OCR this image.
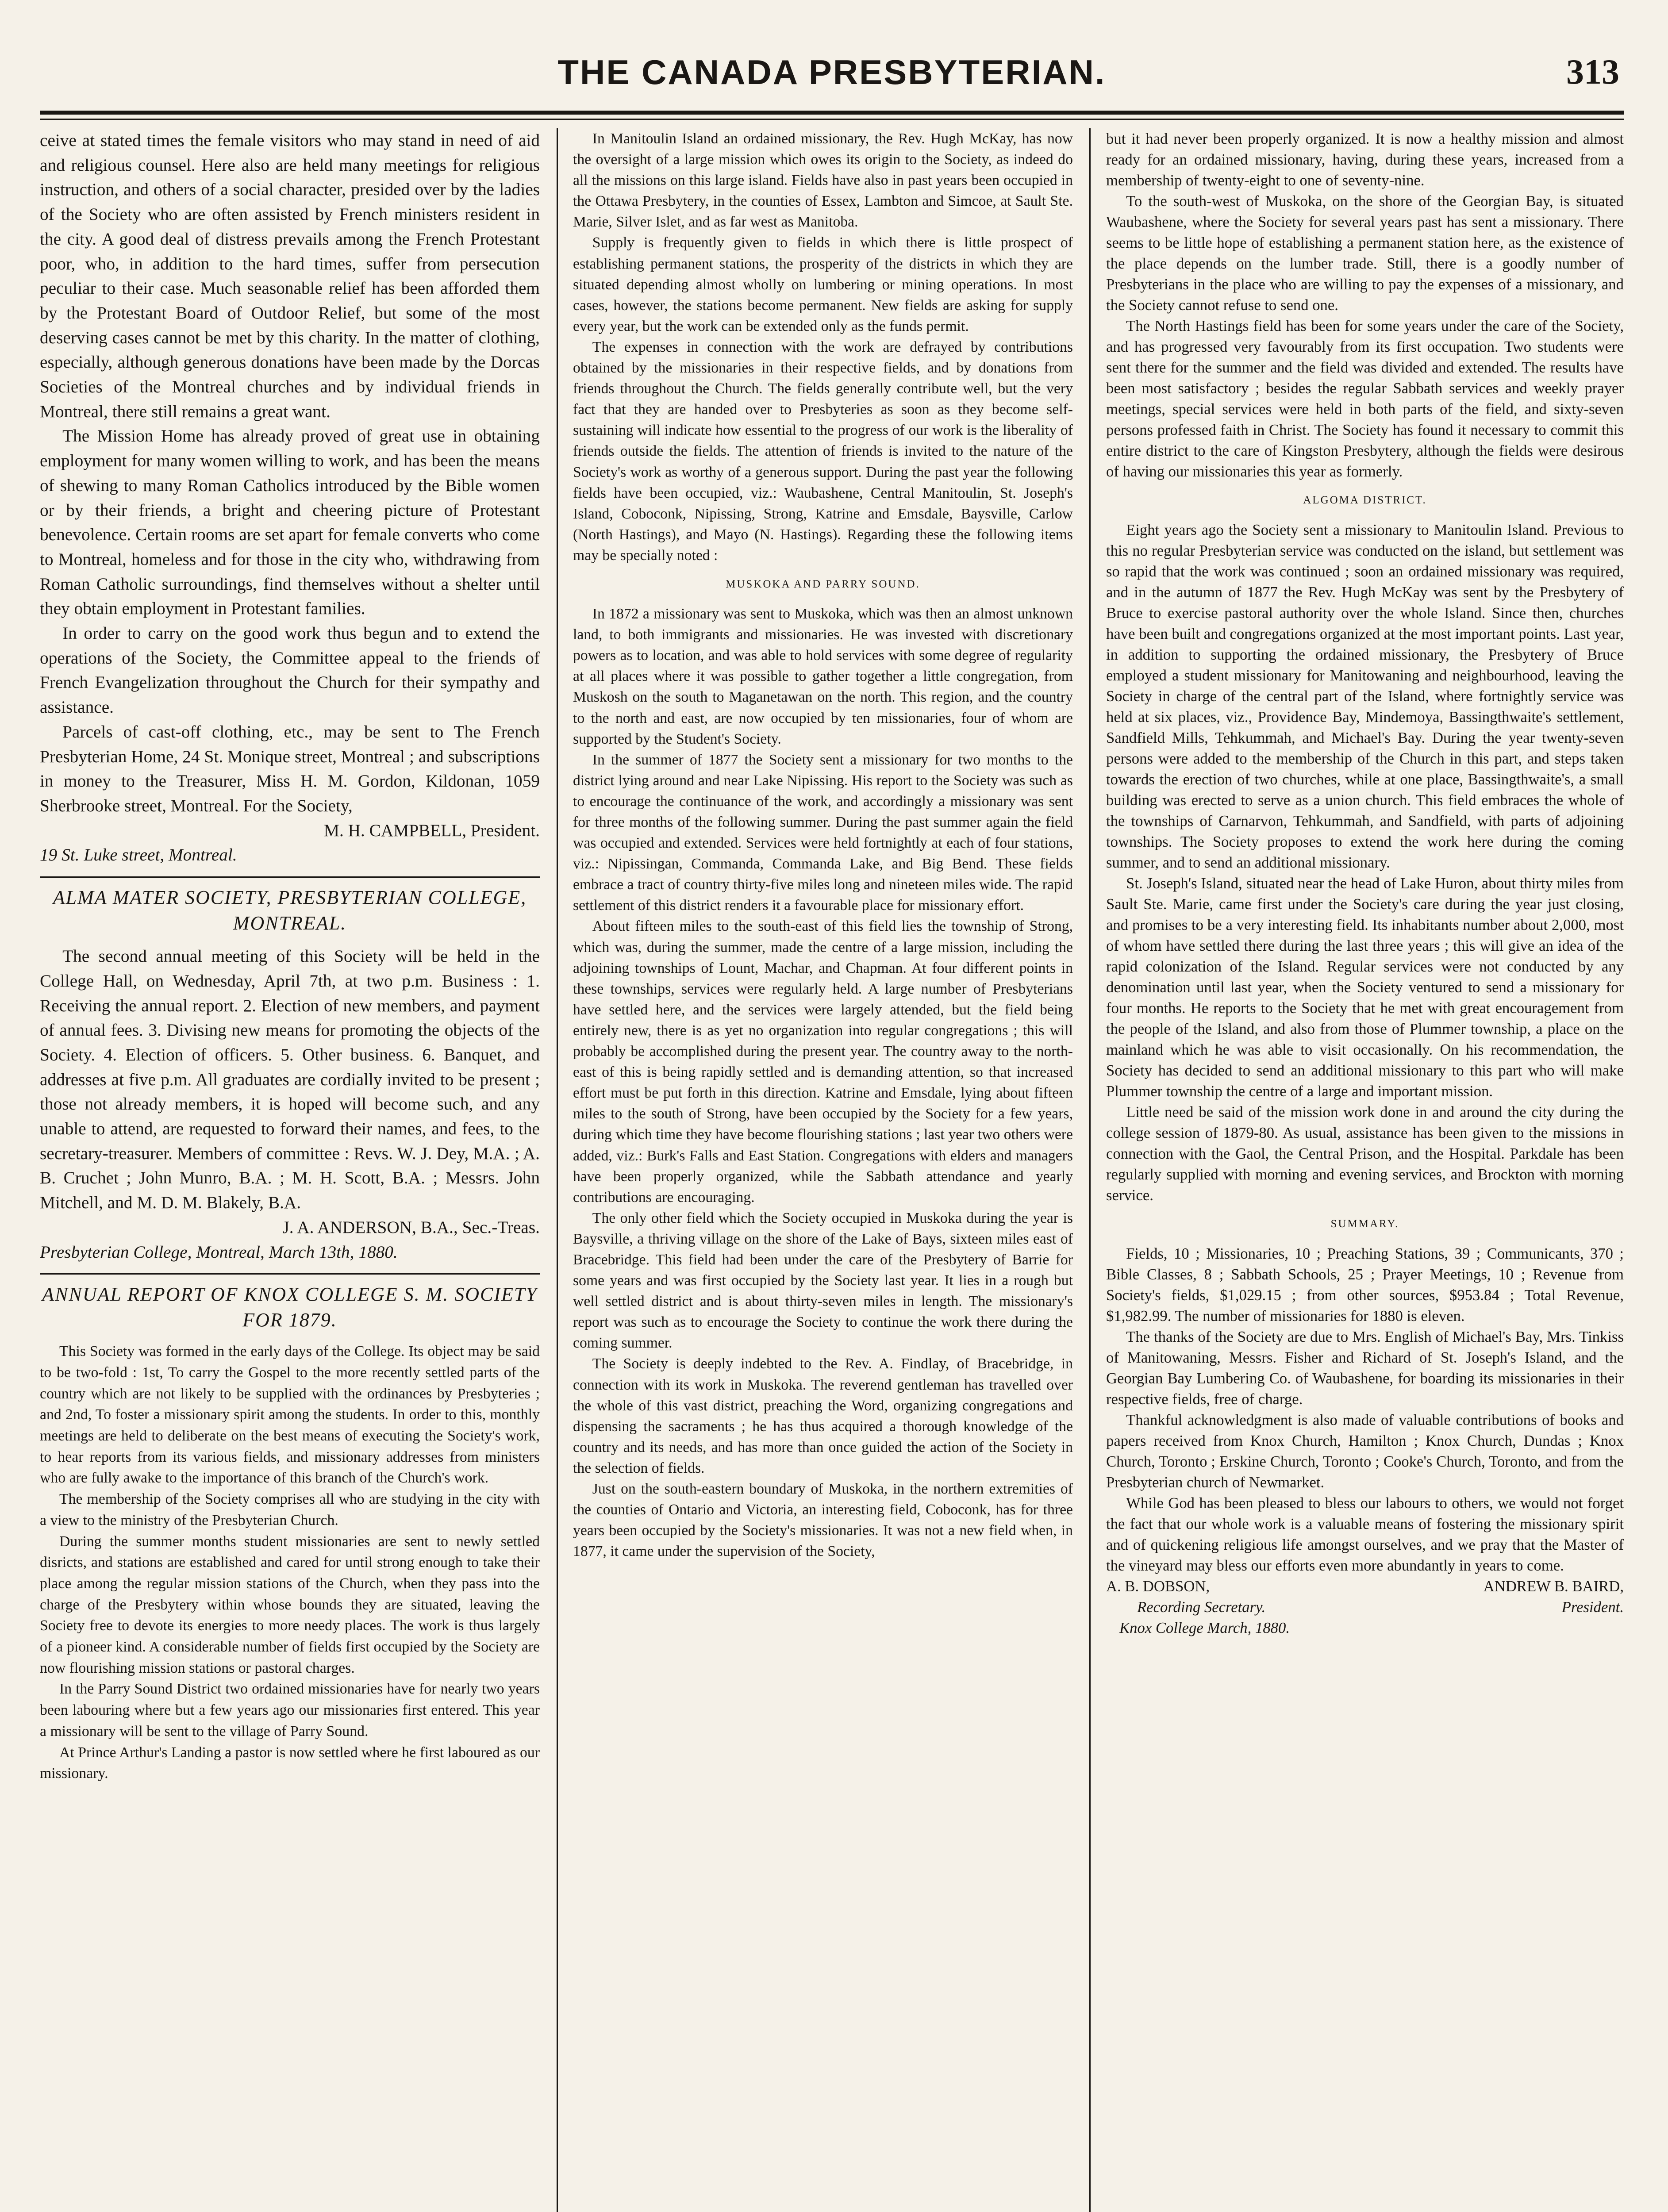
THE CANADA PRESBYTERIAN.	313

ceive at stated times the female visitors who may stand in need of aid and religious counsel. Here also are held many meetings for religious instruction, and others of a social character, presided over by the ladies of the Society who are often assisted by French ministers resident in the city. A good deal of distress prevails among the French Protestant poor, who, in addition to the hard times, suffer from persecution peculiar to their case. Much seasonable relief has been afforded them by the Protestant Board of Outdoor Relief, but some of the most deserving cases cannot be met by this charity. In the matter of clothing, especially, although generous donations have been made by the Dorcas Societies of the Montreal churches and by individual friends in Montreal, there still remains a great want.

The Mission Home has already proved of great use in obtaining employment for many women willing to work, and has been the means of shewing to many Roman Catholics introduced by the Bible women or by their friends, a bright and cheering picture of Protestant benevolence. Certain rooms are set apart for female converts who come to Montreal, homeless and for those in the city who, withdrawing from Roman Catholic surroundings, find themselves without a shelter until they obtain employment in Protestant families.

In order to carry on the good work thus begun and to extend the operations of the Society, the Committee appeal to the friends of French Evangelization throughout the Church for their sympathy and assistance.

Parcels of cast-off clothing, etc., may be sent to The French Presbyterian Home, 24 St. Monique street, Montreal ; and subscriptions in money to the Treasurer, Miss H. M. Gordon, Kildonan, 1059 Sherbrooke street, Montreal. For the Society,

M. H. CAMPBELL, President.

19 St. Luke street, Montreal.

ALMA MATER SOCIETY, PRESBYTERIAN COLLEGE, MONTREAL.

The second annual meeting of this Society will be held in the College Hall, on Wednesday, April 7th, at two p.m. Business : 1. Receiving the annual report. 2. Election of new members, and payment of annual fees. 3. Divising new means for promoting the objects of the Society. 4. Election of officers. 5. Other business. 6. Banquet, and addresses at five p.m. All graduates are cordially invited to be present ; those not already members, it is hoped will become such, and any unable to attend, are requested to forward their names, and fees, to the secretary-treasurer. Members of committee : Revs. W. J. Dey, M.A. ; A. B. Cruchet ; John Munro, B.A. ; M. H. Scott, B.A. ; Messrs. John Mitchell, and M. D. M. Blakely, B.A.

J. A. ANDERSON, B.A., Sec.-Treas.

Presbyterian College, Montreal, March 13th, 1880.

ANNUAL REPORT OF KNOX COLLEGE S. M. SOCIETY FOR 1879.

This Society was formed in the early days of the College. Its object may be said to be two-fold : 1st, To carry the Gospel to the more recently settled parts of the country which are not likely to be supplied with the ordinances by Presbyteries ; and 2nd, To foster a missionary spirit among the students. In order to this, monthly meetings are held to deliberate on the best means of executing the Society's work, to hear reports from its various fields, and missionary addresses from ministers who are fully awake to the importance of this branch of the Church's work.

The membership of the Society comprises all who are studying in the city with a view to the ministry of the Presbyterian Church.

During the summer months student missionaries are sent to newly settled disricts, and stations are established and cared for until strong enough to take their place among the regular mission stations of the Church, when they pass into the charge of the Presbytery within whose bounds they are situated, leaving the Society free to devote its energies to more needy places. The work is thus largely of a pioneer kind. A considerable number of fields first occupied by the Society are now flourishing mission stations or pastoral charges.

In the Parry Sound District two ordained missionaries have for nearly two years been labouring where but a few years ago our missionaries first entered. This year a missionary will be sent to the village of Parry Sound.

At Prince Arthur's Landing a pastor is now settled where he first laboured as our missionary.

In Manitoulin Island an ordained missionary, the Rev. Hugh McKay, has now the oversight of a large mission which owes its origin to the Society, as indeed do all the missions on this large island. Fields have also in past years been occupied in the Ottawa Presbytery, in the counties of Essex, Lambton and Simcoe, at Sault Ste. Marie, Silver Islet, and as far west as Manitoba.

Supply is frequently given to fields in which there is little prospect of establishing permanent stations, the prosperity of the districts in which they are situated depending almost wholly on lumbering or mining operations. In most cases, however, the stations become permanent. New fields are asking for supply every year, but the work can be extended only as the funds permit.

The expenses in connection with the work are defrayed by contributions obtained by the missionaries in their respective fields, and by donations from friends throughout the Church. The fields generally contribute well, but the very fact that they are handed over to Presbyteries as soon as they become self-sustaining will indicate how essential to the progress of our work is the liberality of friends outside the fields. The attention of friends is invited to the nature of the Society's work as worthy of a generous support. During the past year the following fields have been occupied, viz.: Waubashene, Central Manitoulin, St. Joseph's Island, Coboconk, Nipissing, Strong, Katrine and Emsdale, Baysville, Carlow (North Hastings), and Mayo (N. Hastings). Regarding these the following items may be specially noted :

MUSKOKA AND PARRY SOUND.

In 1872 a missionary was sent to Muskoka, which was then an almost unknown land, to both immigrants and missionaries. He was invested with discretionary powers as to location, and was able to hold services with some degree of regularity at all places where it was possible to gather together a little congregation, from Muskosh on the south to Maganetawan on the north. This region, and the country to the north and east, are now occupied by ten missionaries, four of whom are supported by the Student's Society.

In the summer of 1877 the Society sent a missionary for two months to the district lying around and near Lake Nipissing. His report to the Society was such as to encourage the continuance of the work, and accordingly a missionary was sent for three months of the following summer. During the past summer again the field was occupied and extended. Services were held fortnightly at each of four stations, viz.: Nipissingan, Commanda, Commanda Lake, and Big Bend. These fields embrace a tract of country thirty-five miles long and nineteen miles wide. The rapid settlement of this district renders it a favourable place for missionary effort.

About fifteen miles to the south-east of this field lies the township of Strong, which was, during the summer, made the centre of a large mission, including the adjoining townships of Lount, Machar, and Chapman. At four different points in these townships, services were regularly held. A large number of Presbyterians have settled here, and the services were largely attended, but the field being entirely new, there is as yet no organization into regular congregations ; this will probably be accomplished during the present year. The country away to the north-east of this is being rapidly settled and is demanding attention, so that increased effort must be put forth in this direction. Katrine and Emsdale, lying about fifteen miles to the south of Strong, have been occupied by the Society for a few years, during which time they have become flourishing stations ; last year two others were added, viz.: Burk's Falls and East Station. Congregations with elders and managers have been properly organized, while the Sabbath attendance and yearly contributions are encouraging.

The only other field which the Society occupied in Muskoka during the year is Baysville, a thriving village on the shore of the Lake of Bays, sixteen miles east of Bracebridge. This field had been under the care of the Presbytery of Barrie for some years and was first occupied by the Society last year. It lies in a rough but well settled district and is about thirty-seven miles in length. The missionary's report was such as to encourage the Society to continue the work there during the coming summer.

The Society is deeply indebted to the Rev. A. Findlay, of Bracebridge, in connection with its work in Muskoka. The reverend gentleman has travelled over the whole of this vast district, preaching the Word, organizing congregations and dispensing the sacraments ; he has thus acquired a thorough knowledge of the country and its needs, and has more than once guided the action of the Society in the selection of fields.

Just on the south-eastern boundary of Muskoka, in the northern extremities of the counties of Ontario and Victoria, an interesting field, Coboconk, has for three years been occupied by the Society's missionaries. It was not a new field when, in 1877, it came under the supervision of the Society,

but it had never been properly organized. It is now a healthy mission and almost ready for an ordained missionary, having, during these years, increased from a membership of twenty-eight to one of seventy-nine.

To the south-west of Muskoka, on the shore of the Georgian Bay, is situated Waubashene, where the Society for several years past has sent a missionary. There seems to be little hope of establishing a permanent station here, as the existence of the place depends on the lumber trade. Still, there is a goodly number of Presbyterians in the place who are willing to pay the expenses of a missionary, and the Society cannot refuse to send one.

The North Hastings field has been for some years under the care of the Society, and has progressed very favourably from its first occupation. Two students were sent there for the summer and the field was divided and extended. The results have been most satisfactory ; besides the regular Sabbath services and weekly prayer meetings, special services were held in both parts of the field, and sixty-seven persons professed faith in Christ. The Society has found it necessary to commit this entire district to the care of Kingston Presbytery, although the fields were desirous of having our missionaries this year as formerly.

ALGOMA DISTRICT.

Eight years ago the Society sent a missionary to Manitoulin Island. Previous to this no regular Presbyterian service was conducted on the island, but settlement was so rapid that the work was continued ; soon an ordained missionary was required, and in the autumn of 1877 the Rev. Hugh McKay was sent by the Presbytery of Bruce to exercise pastoral authority over the whole Island. Since then, churches have been built and congregations organized at the most important points. Last year, in addition to supporting the ordained missionary, the Presbytery of Bruce employed a student missionary for Manitowaning and neighbourhood, leaving the Society in charge of the central part of the Island, where fortnightly service was held at six places, viz., Providence Bay, Mindemoya, Bassingthwaite's settlement, Sandfield Mills, Tehkummah, and Michael's Bay. During the year twenty-seven persons were added to the membership of the Church in this part, and steps taken towards the erection of two churches, while at one place, Bassingthwaite's, a small building was erected to serve as a union church. This field embraces the whole of the townships of Carnarvon, Tehkummah, and Sandfield, with parts of adjoining townships. The Society proposes to extend the work here during the coming summer, and to send an additional missionary.

St. Joseph's Island, situated near the head of Lake Huron, about thirty miles from Sault Ste. Marie, came first under the Society's care during the year just closing, and promises to be a very interesting field. Its inhabitants number about 2,000, most of whom have settled there during the last three years ; this will give an idea of the rapid colonization of the Island. Regular services were not conducted by any denomination until last year, when the Society ventured to send a missionary for four months. He reports to the Society that he met with great encouragement from the people of the Island, and also from those of Plummer township, a place on the mainland which he was able to visit occasionally. On his recommendation, the Society has decided to send an additional missionary to this part who will make Plummer township the centre of a large and important mission.

Little need be said of the mission work done in and around the city during the college session of 1879-80. As usual, assistance has been given to the missions in connection with the Gaol, the Central Prison, and the Hospital. Parkdale has been regularly supplied with morning and evening services, and Brockton with morning service.

SUMMARY.

Fields, 10 ; Missionaries, 10 ; Preaching Stations, 39 ; Communicants, 370 ; Bible Classes, 8 ; Sabbath Schools, 25 ; Prayer Meetings, 10 ; Revenue from Society's fields, $1,029.15 ; from other sources, $953.84 ; Total Revenue, $1,982.99. The number of missionaries for 1880 is eleven.

The thanks of the Society are due to Mrs. English of Michael's Bay, Mrs. Tinkiss of Manitowaning, Messrs. Fisher and Richard of St. Joseph's Island, and the Georgian Bay Lumbering Co. of Waubashene, for boarding its missionaries in their respective fields, free of charge.

Thankful acknowledgment is also made of valuable contributions of books and papers received from Knox Church, Hamilton ; Knox Church, Dundas ; Knox Church, Toronto ; Erskine Church, Toronto ; Cooke's Church, Toronto, and from the Presbyterian church of Newmarket.

While God has been pleased to bless our labours to others, we would not forget the fact that our whole work is a valuable means of fostering the missionary spirit and of quickening religious life amongst ourselves, and we pray that the Master of the vineyard may bless our efforts even more abundantly in years to come.

A. B. DOBSON,	ANDREW B. BAIRD,
Recording Secretary.	President.

Knox College March, 1880.
